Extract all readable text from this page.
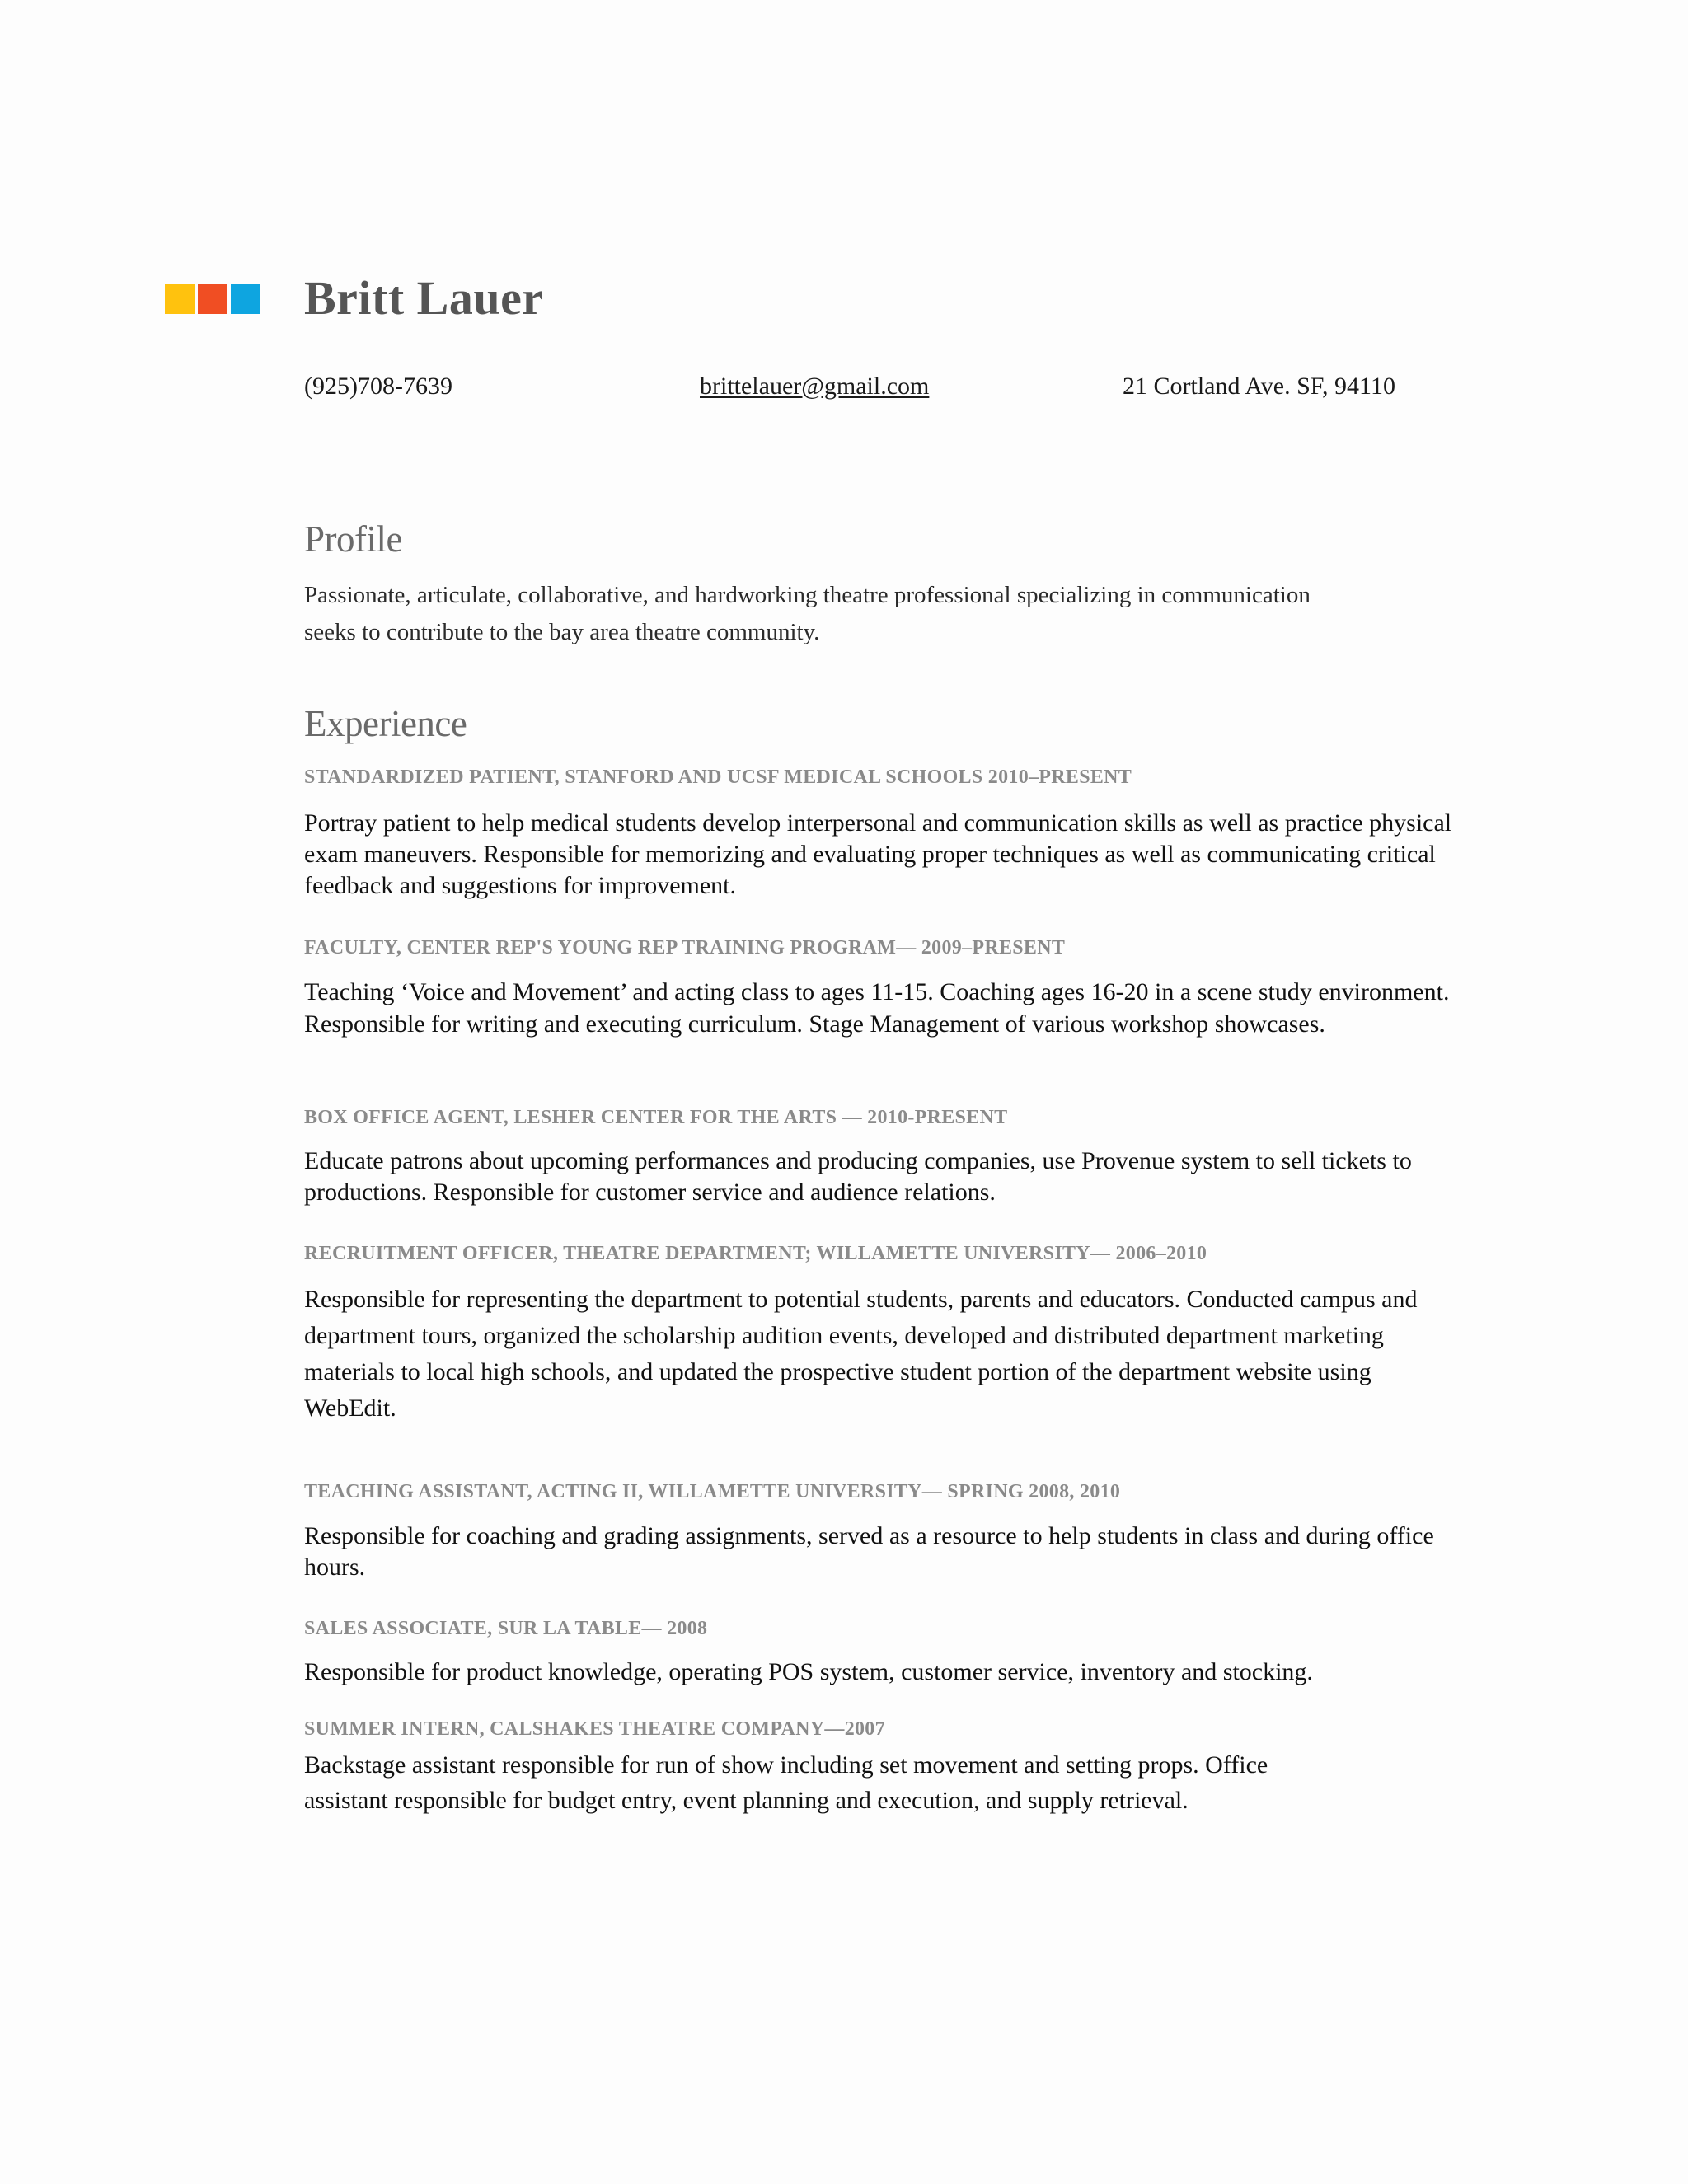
Britt Lauer
(925)708-7639	brittelauer@gmail.com	21 Cortland Ave. SF, 94110
Profile

Passionate, articulate, collaborative, and hardworking theatre professional specializing in communication seeks to contribute to the bay area theatre community.

Experience

STANDARDIZED PATIENT, STANFORD AND UCSF MEDICAL SCHOOLS 2010–PRESENT

Portray patient to help medical students develop interpersonal and communication skills as well as practice physical exam maneuvers. Responsible for memorizing and evaluating proper techniques as well as communicating critical feedback and suggestions for improvement.

FACULTY, CENTER REP'S YOUNG REP TRAINING PROGRAM— 2009–PRESENT

Teaching ‘Voice and Movement’ and acting class to ages 11-15. Coaching ages 16-20 in a scene study environment. Responsible for writing and executing curriculum. Stage Management of various workshop showcases.

BOX OFFICE AGENT, LESHER CENTER FOR THE ARTS — 2010-PRESENT

Educate patrons about upcoming performances and producing companies, use Provenue system to sell tickets to productions. Responsible for customer service and audience relations.

RECRUITMENT OFFICER, THEATRE DEPARTMENT; WILLAMETTE UNIVERSITY— 2006–2010

Responsible for representing the department to potential students, parents and educators. Conducted campus and department tours, organized the scholarship audition events, developed and distributed department marketing materials to local high schools, and updated the prospective student portion of the department website using WebEdit.

TEACHING ASSISTANT, ACTING II, WILLAMETTE UNIVERSITY— SPRING 2008, 2010

Responsible for coaching and grading assignments, served as a resource to help students in class and during office hours.

SALES ASSOCIATE, SUR LA TABLE— 2008

Responsible for product knowledge, operating POS system, customer service, inventory and stocking.

SUMMER INTERN, CALSHAKES THEATRE COMPANY—2007

Backstage assistant responsible for run of show including set movement and setting props. Office assistant responsible for budget entry, event planning and execution, and supply retrieval.
